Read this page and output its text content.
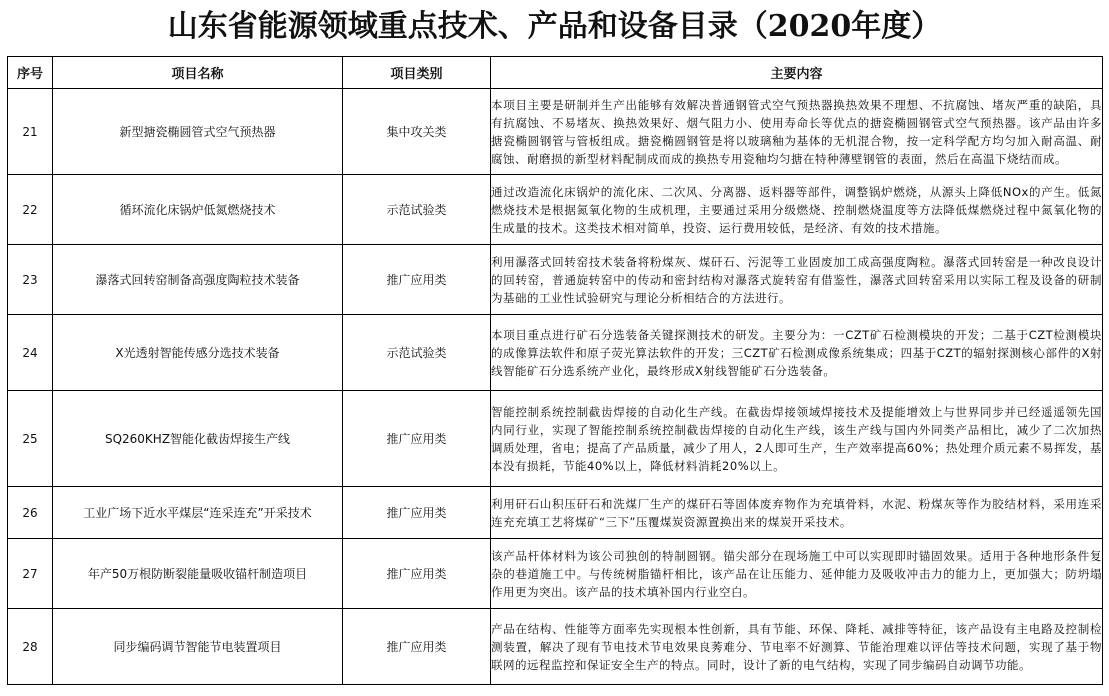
山东省能源领域重点技术、产品和设备目录（2020年度）
序号	项目名称	项目类别	主要内容
21	新型搪瓷椭圆管式空气预热器	集中攻关类	本项目主要是研制并生产出能够有效解决普通钢管式空气预热器换热效果不理想、不抗腐蚀、堵灰严重的缺陷，具有抗腐蚀、不易堵灰、换热效果好、烟气阻力小、使用寿命长等优点的搪瓷椭圆钢管式空气预热器。该产品由许多搪瓷椭圆钢管与管板组成。搪瓷椭圆钢管是将以玻璃釉为基体的无机混合物，按一定科学配方均匀加入耐高温、耐腐蚀、耐磨损的新型材料配制成而成的换热专用瓷釉均匀搪在特种薄壁钢管的表面，然后在高温下烧结而成。

22	循环流化床锅炉低氮燃烧技术	示范试验类	通过改造流化床锅炉的流化床、二次风、分离器、返料器等部件，调整锅炉燃烧，从源头上降低NOx的产生。低氮燃烧技术是根据氮氧化物的生成机理，主要通过采用分级燃烧、控制燃烧温度等方法降低煤燃烧过程中氮氧化物的生成量的技术。这类技术相对简单，投资、运行费用较低，是经济、有效的技术措施。

23	瀑落式回转窑制备高强度陶粒技术装备	推广应用类	利用瀑落式回转窑技术装备将粉煤灰、煤矸石、污泥等工业固废加工成高强度陶粒。瀑落式回转窑是一种改良设计的回转窑，普通旋转窑中的传动和密封结构对瀑落式旋转窑有借鉴性，瀑落式回转窑采用以实际工程及设备的研制为基础的工业性试验研究与理论分析相结合的方法进行。

24	X光透射智能传感分选技术装备	示范试验类	本项目重点进行矿石分选装备关键探测技术的研发。主要分为：一CZT矿石检测模块的开发；二基于CZT检测模块的成像算法软件和原子荧光算法软件的开发；三CZT矿石检测成像系统集成；四基于CZT的辐射探测核心部件的X射线智能矿石分选系统产业化，最终形成X射线智能矿石分选装备。

25	SQ260KHZ智能化截齿焊接生产线	推广应用类	智能控制系统控制截齿焊接的自动化生产线。在截齿焊接领域焊接技术及提能增效上与世界同步并已经遥遥领先国内同行业，实现了智能控制系统控制截齿焊接的自动化生产线，该生产线与国内外同类产品相比，减少了二次加热调质处理，省电；提高了产品质量，减少了用人，2人即可生产，生产效率提高60%；热处理介质元素不易挥发，基本没有损耗，节能40%以上，降低材料消耗20%以上。

26	工业广场下近水平煤层“连采连充”开采技术	推广应用类	利用矸石山积压矸石和洗煤厂生产的煤矸石等固体废弃物作为充填骨料，水泥、粉煤灰等作为胶结材料，采用连采连充充填工艺将煤矿“三下”压覆煤炭资源置换出来的煤炭开采技术。

27	年产50万根防断裂能量吸收锚杆制造项目	推广应用类	该产品杆体材料为该公司独创的特制圆钢。锚尖部分在现场施工中可以实现即时锚固效果。适用于各种地形条件复杂的巷道施工中。与传统树脂锚杆相比，该产品在让压能力、延伸能力及吸收冲击力的能力上，更加强大；防坍塌作用更为突出。该产品的技术填补国内行业空白。

28	同步编码调节智能节电装置项目	推广应用类	产品在结构、性能等方面率先实现根本性创新，具有节能、环保、降耗、减排等特征，该产品设有主电路及控制检测装置，解决了现有节电技术节电效果良莠难分、节电率不好测算、节能治理难以评估等技术问题，实现了基于物联网的远程监控和保证安全生产的特点。同时，设计了新的电气结构，实现了同步编码自动调节功能。
